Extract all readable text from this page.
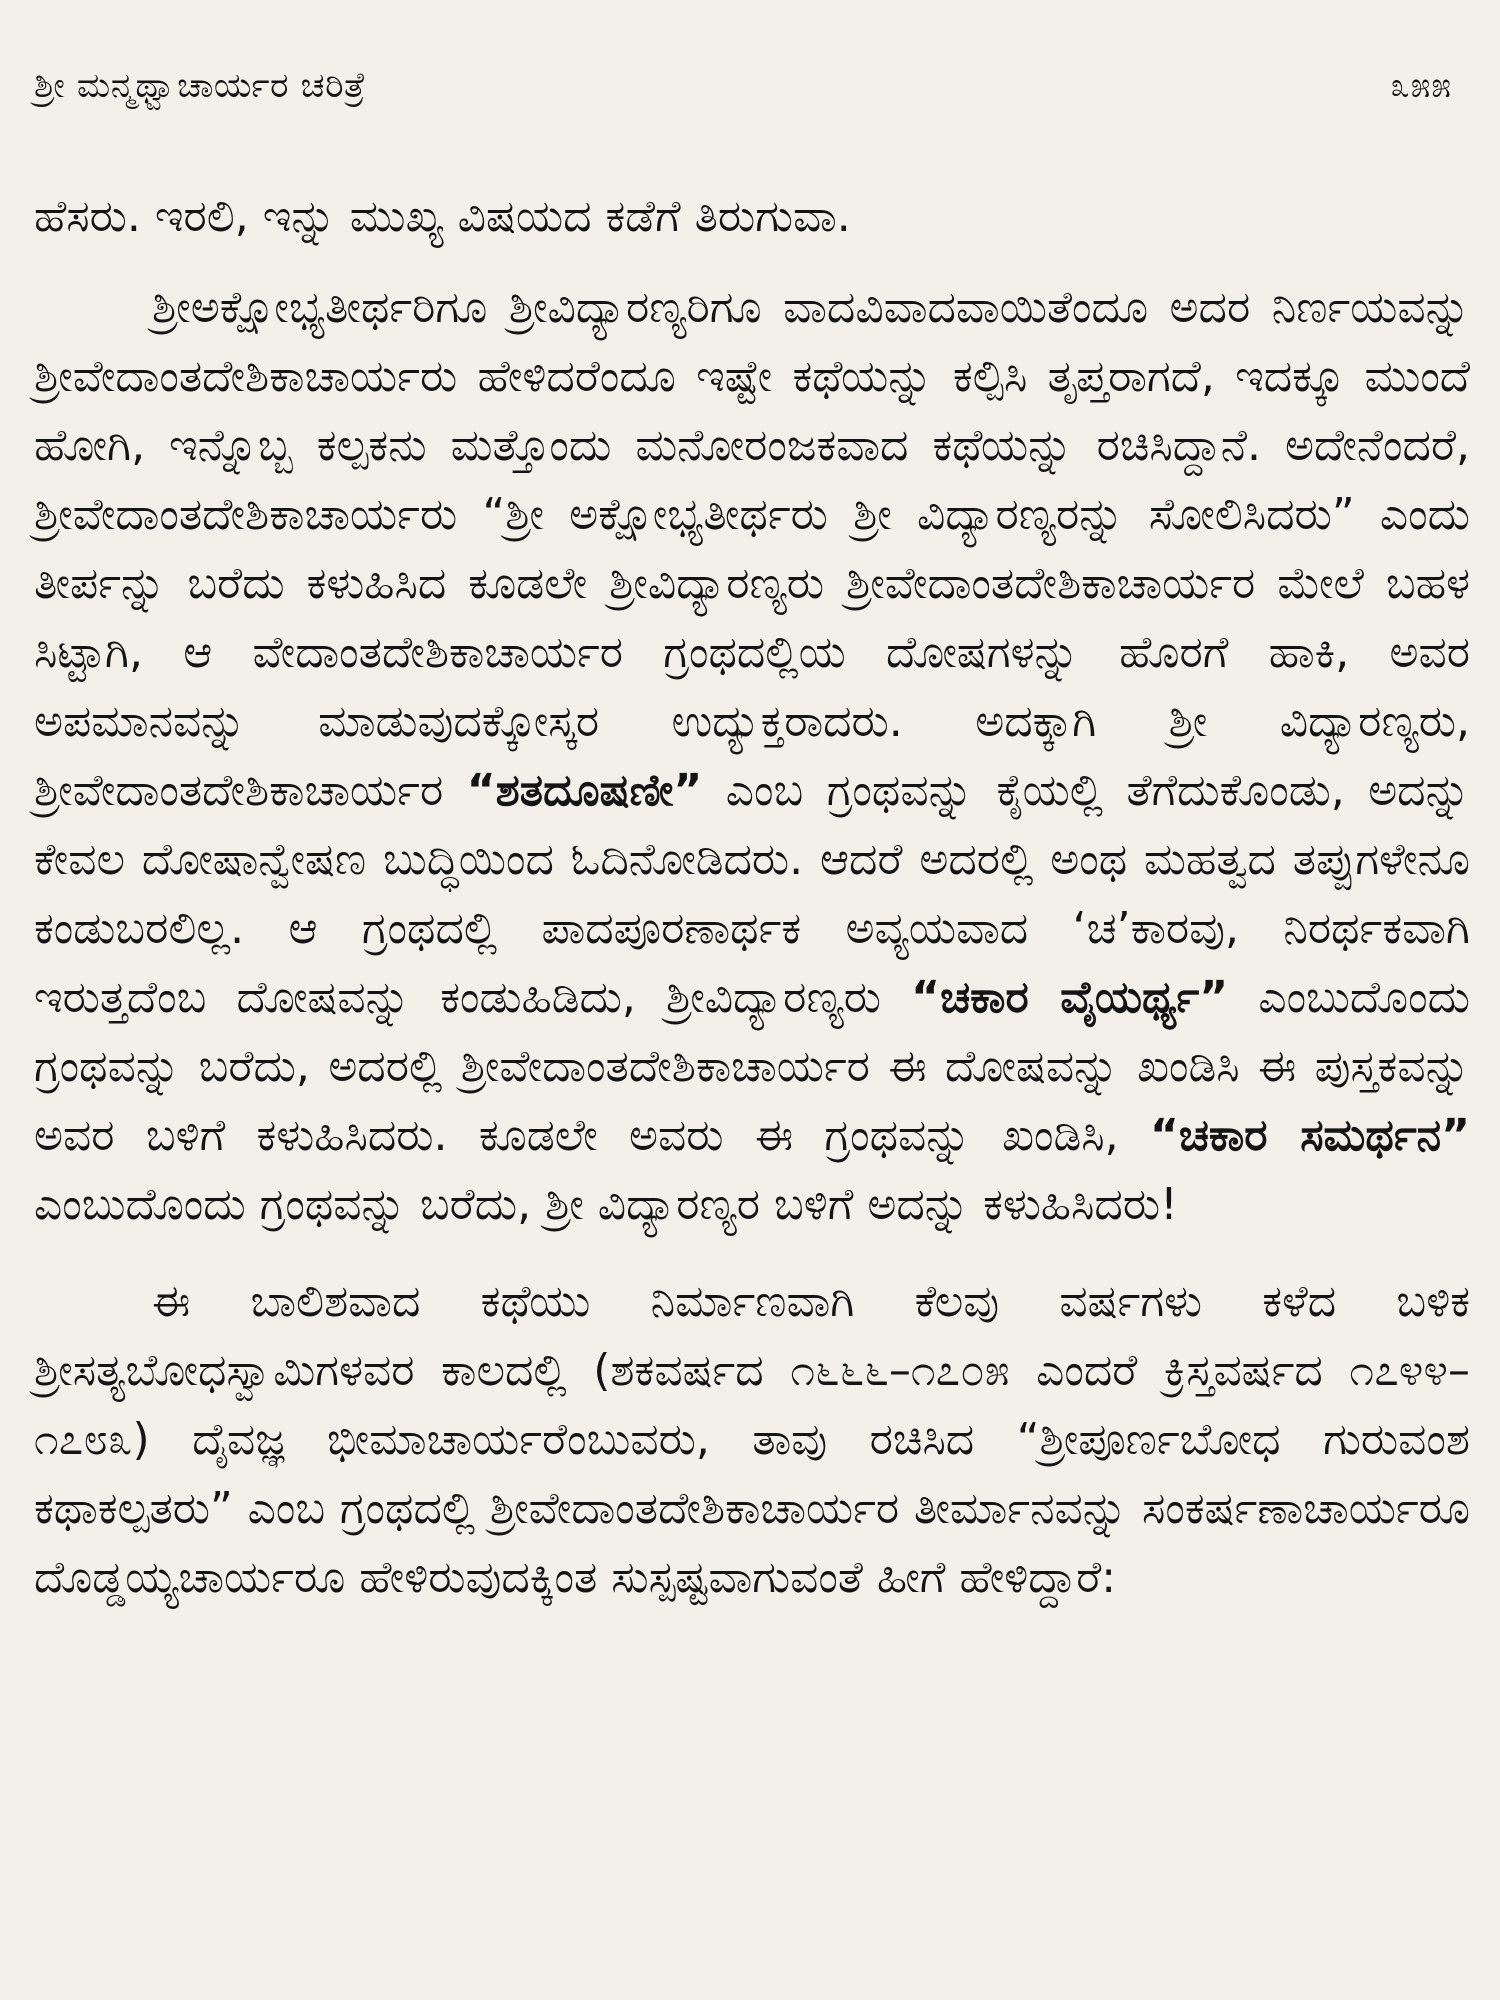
ಶ್ರೀ ಮನ್ಮಥ್ವಾಚಾರ್ಯರ ಚರಿತ್ರೆ	೩೫೫

ಹೆಸರು. ಇರಲಿ, ಇನ್ನು ಮುಖ್ಯ ವಿಷಯದ ಕಡೆಗೆ ತಿರುಗುವಾ.

ಶ್ರೀಅಕ್ಷೋಭ್ಯತೀರ್ಥರಿಗೂ ಶ್ರೀವಿದ್ಯಾರಣ್ಯರಿಗೂ ವಾದವಿವಾದವಾಯಿತೆಂದೂ ಅದರ ನಿರ್ಣಯವನ್ನು ಶ್ರೀವೇದಾಂತದೇಶಿಕಾಚಾರ್ಯರು ಹೇಳಿದರೆಂದೂ ಇಷ್ಟೇ ಕಥೆಯನ್ನು ಕಲ್ಪಿಸಿ ತೃಪ್ತರಾಗದೆ, ಇದಕ್ಕೂ ಮುಂದೆ ಹೋಗಿ, ಇನ್ನೊಬ್ಬ ಕಲ್ಪಕನು ಮತ್ತೊಂದು ಮನೋರಂಜಕವಾದ ಕಥೆಯನ್ನು ರಚಿಸಿದ್ದಾನೆ. ಅದೇನೆಂದರೆ, ಶ್ರೀವೇದಾಂತದೇಶಿಕಾಚಾರ್ಯರು “ಶ್ರೀ ಅಕ್ಷೋಭ್ಯತೀರ್ಥರು ಶ್ರೀ ವಿದ್ಯಾರಣ್ಯರನ್ನು ಸೋಲಿಸಿದರು” ಎಂದು ತೀರ್ಪನ್ನು ಬರೆದು ಕಳುಹಿಸಿದ ಕೂಡಲೇ ಶ್ರೀವಿದ್ಯಾರಣ್ಯರು ಶ್ರೀವೇದಾಂತದೇಶಿಕಾಚಾರ್ಯರ ಮೇಲೆ ಬಹಳ ಸಿಟ್ಟಾಗಿ, ಆ ವೇದಾಂತದೇಶಿಕಾಚಾರ್ಯರ ಗ್ರಂಥದಲ್ಲಿಯ ದೋಷಗಳನ್ನು ಹೊರಗೆ ಹಾಕಿ, ಅವರ ಅಪಮಾನವನ್ನು ಮಾಡುವುದಕ್ಕೋಸ್ಕರ ಉದ್ಯುಕ್ತರಾದರು. ಅದಕ್ಕಾಗಿ ಶ್ರೀ ವಿದ್ಯಾರಣ್ಯರು, ಶ್ರೀವೇದಾಂತದೇಶಿಕಾಚಾರ್ಯರ “ಶತದೂಷಣೀ” ಎಂಬ ಗ್ರಂಥವನ್ನು ಕೈಯಲ್ಲಿ ತೆಗೆದುಕೊಂಡು, ಅದನ್ನು ಕೇವಲ ದೋಷಾನ್ವೇಷಣ ಬುದ್ಧಿಯಿಂದ ಓದಿನೋಡಿದರು. ಆದರೆ ಅದರಲ್ಲಿ ಅಂಥ ಮಹತ್ವದ ತಪ್ಪುಗಳೇನೂ ಕಂಡುಬರಲಿಲ್ಲ. ಆ ಗ್ರಂಥದಲ್ಲಿ ಪಾದಪೂರಣಾರ್ಥಕ ಅವ್ಯಯವಾದ ‘ಚ’ಕಾರವು, ನಿರರ್ಥಕವಾಗಿ ಇರುತ್ತದೆಂಬ ದೋಷವನ್ನು ಕಂಡುಹಿಡಿದು, ಶ್ರೀವಿದ್ಯಾರಣ್ಯರು “ಚಕಾರ ವೈಯರ್ಥ್ಯ” ಎಂಬುದೊಂದು ಗ್ರಂಥವನ್ನು ಬರೆದು, ಅದರಲ್ಲಿ ಶ್ರೀವೇದಾಂತದೇಶಿಕಾಚಾರ್ಯರ ಈ ದೋಷವನ್ನು ಖಂಡಿಸಿ ಈ ಪುಸ್ತಕವನ್ನು ಅವರ ಬಳಿಗೆ ಕಳುಹಿಸಿದರು. ಕೂಡಲೇ ಅವರು ಈ ಗ್ರಂಥವನ್ನು ಖಂಡಿಸಿ, “ಚಕಾರ ಸಮರ್ಥನ” ಎಂಬುದೊಂದು ಗ್ರಂಥವನ್ನು ಬರೆದು, ಶ್ರೀ ವಿದ್ಯಾರಣ್ಯರ ಬಳಿಗೆ ಅದನ್ನು ಕಳುಹಿಸಿದರು!

ಈ ಬಾಲಿಶವಾದ ಕಥೆಯು ನಿರ್ಮಾಣವಾಗಿ ಕೆಲವು ವರ್ಷಗಳು ಕಳೆದ ಬಳಿಕ ಶ್ರೀಸತ್ಯಬೋಧಸ್ವಾಮಿಗಳವರ ಕಾಲದಲ್ಲಿ (ಶಕವರ್ಷದ ೧೬೬೬–೧೭೦೫ ಎಂದರೆ ಕ್ರಿಸ್ತವರ್ಷದ ೧೭೪೪–೧೭೮೩) ದೈವಜ್ಞ ಭೀಮಾಚಾರ್ಯರೆಂಬುವರು, ತಾವು ರಚಿಸಿದ “ಶ್ರೀಪೂರ್ಣಬೋಧ ಗುರುವಂಶ ಕಥಾಕಲ್ಪತರು” ಎಂಬ ಗ್ರಂಥದಲ್ಲಿ ಶ್ರೀವೇದಾಂತದೇಶಿಕಾಚಾರ್ಯರ ತೀರ್ಮಾನವನ್ನು ಸಂಕರ್ಷಣಾಚಾರ್ಯರೂ ದೊಡ್ಡಯ್ಯಚಾರ್ಯರೂ ಹೇಳಿರುವುದಕ್ಕಿಂತ ಸುಸ್ಪಷ್ಟವಾಗುವಂತೆ ಹೀಗೆ ಹೇಳಿದ್ದಾರೆ:
